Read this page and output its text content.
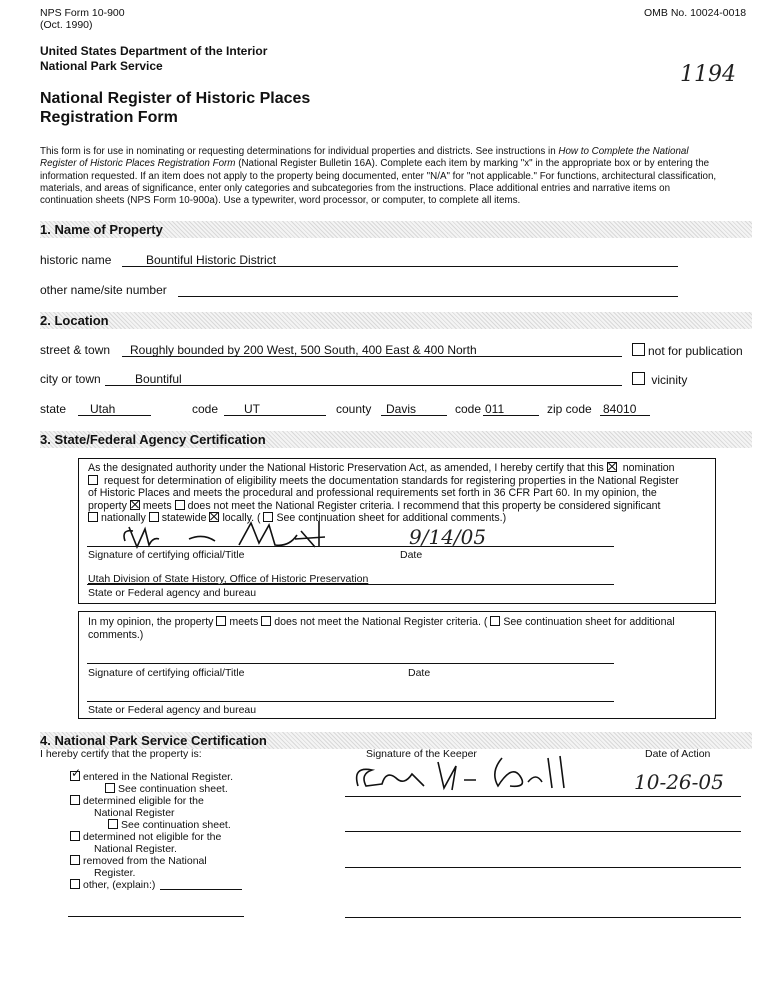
NPS Form 10-900
(Oct. 1990)
OMB No. 10024-0018
United States Department of the Interior
National Park Service	1194
National Register of Historic Places
Registration Form
This form is for use in nominating or requesting determinations for individual properties and districts. See instructions in How to Complete the National
Register of Historic Places Registration Form (National Register Bulletin 16A). Complete each item by marking "x" in the appropriate box or by entering the
information requested. If an item does not apply to the property being documented, enter "N/A" for "not applicable." For functions, architectural classification,
materials, and areas of significance, enter only categories and subcategories from the instructions. Place additional entries and narrative items on
continuation sheets (NPS Form 10-900a). Use a typewriter, word processor, or computer, to complete all items.
1. Name of Property
historic name	Bountiful Historic District
other name/site number
2. Location
street & town Roughly bounded by 200 West, 500 South, 400 East & 400 North	not for publication
city or town	Bountiful	vicinity
state Utah	code UT	county Davis	code 011	zip code 84010
3. State/Federal Agency Certification
As the designated authority under the National Historic Preservation Act, as amended, I hereby certify that this nomination
request for determination of eligibility meets the documentation standards for registering properties in the National Register
of Historic Places and meets the procedural and professional requirements set forth in 36 CFR Part 60. In my opinion, the
property meets does not meet the National Register criteria. I recommend that this property be considered significant
nationally statewide locally. ( See continuation sheet for additional comments.)
Signature of certifying official/Title	Date
9/14/05
Utah Division of State History, Office of Historic Preservation
State or Federal agency and bureau
In my opinion, the property meets does not meet the National Register criteria. ( See continuation sheet for additional
comments.)
Signature of certifying official/Title	Date
State or Federal agency and bureau
4. National Park Service Certification
I hereby certify that the property is:	Signature of the Keeper	Date of Action
✓entered in the National Register.
See continuation sheet.
determined eligible for the
National Register
See continuation sheet.
determined not eligible for the
National Register.
removed from the National
Register.
other, (explain:)
10-26-05
